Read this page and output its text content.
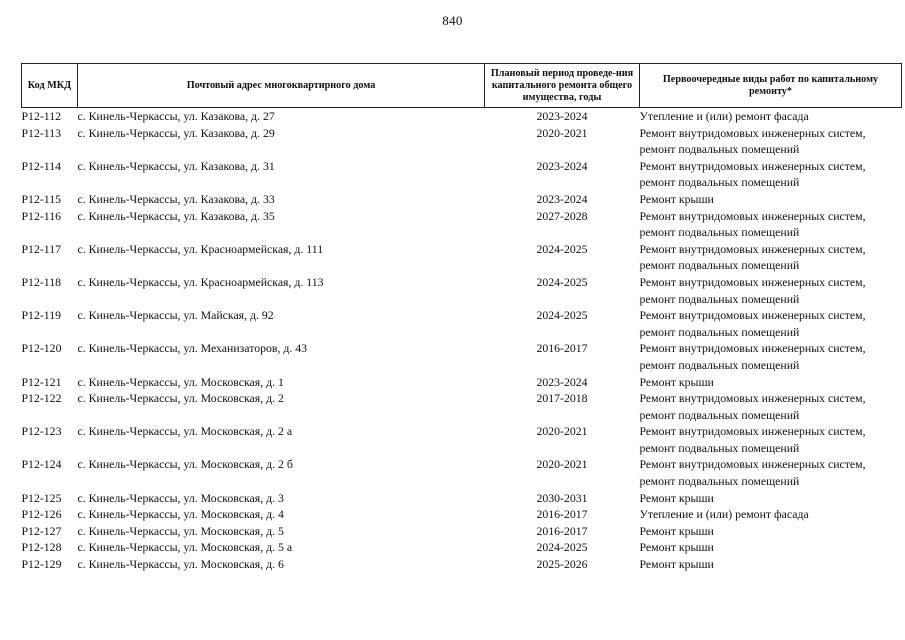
840
Код МКД	Почтовый адрес многоквартирного дома	Плановый период проведе-ния капитального ремонта общего имущества, годы	Первоочередные виды работ по капитальному ремонту*
Р12-112	с. Кинель-Черкассы, ул. Казакова, д. 27	2023-2024	Утепление и (или) ремонт фасада

Р12-113	с. Кинель-Черкассы, ул. Казакова, д. 29	2020-2021	Ремонт внутридомовых инженерных систем,
ремонт подвальных помещений

Р12-114	с. Кинель-Черкассы, ул. Казакова, д. 31	2023-2024	Ремонт внутридомовых инженерных систем,
ремонт подвальных помещений

Р12-115	с. Кинель-Черкассы, ул. Казакова, д. 33	2023-2024	Ремонт крыши

Р12-116	с. Кинель-Черкассы, ул. Казакова, д. 35	2027-2028	Ремонт внутридомовых инженерных систем,
ремонт подвальных помещений

Р12-117	с. Кинель-Черкассы, ул. Красноармейская, д. 111	2024-2025	Ремонт внутридомовых инженерных систем,
ремонт подвальных помещений

Р12-118	с. Кинель-Черкассы, ул. Красноармейская, д. 113	2024-2025	Ремонт внутридомовых инженерных систем,
ремонт подвальных помещений

Р12-119	с. Кинель-Черкассы, ул. Майская, д. 92	2024-2025	Ремонт внутридомовых инженерных систем,
ремонт подвальных помещений

Р12-120	с. Кинель-Черкассы, ул. Механизаторов, д. 43	2016-2017	Ремонт внутридомовых инженерных систем,
ремонт подвальных помещений

Р12-121	с. Кинель-Черкассы, ул. Московская, д. 1	2023-2024	Ремонт крыши

Р12-122	с. Кинель-Черкассы, ул. Московская, д. 2	2017-2018	Ремонт внутридомовых инженерных систем,
ремонт подвальных помещений

Р12-123	с. Кинель-Черкассы, ул. Московская, д. 2 а	2020-2021	Ремонт внутридомовых инженерных систем,
ремонт подвальных помещений

Р12-124	с. Кинель-Черкассы, ул. Московская, д. 2 б	2020-2021	Ремонт внутридомовых инженерных систем,
ремонт подвальных помещений

Р12-125	с. Кинель-Черкассы, ул. Московская, д. 3	2030-2031	Ремонт крыши

Р12-126	с. Кинель-Черкассы, ул. Московская, д. 4	2016-2017	Утепление и (или) ремонт фасада

Р12-127	с. Кинель-Черкассы, ул. Московская, д. 5	2016-2017	Ремонт крыши

Р12-128	с. Кинель-Черкассы, ул. Московская, д. 5 а	2024-2025	Ремонт крыши

Р12-129	с. Кинель-Черкассы, ул. Московская, д. 6	2025-2026	Ремонт крыши
